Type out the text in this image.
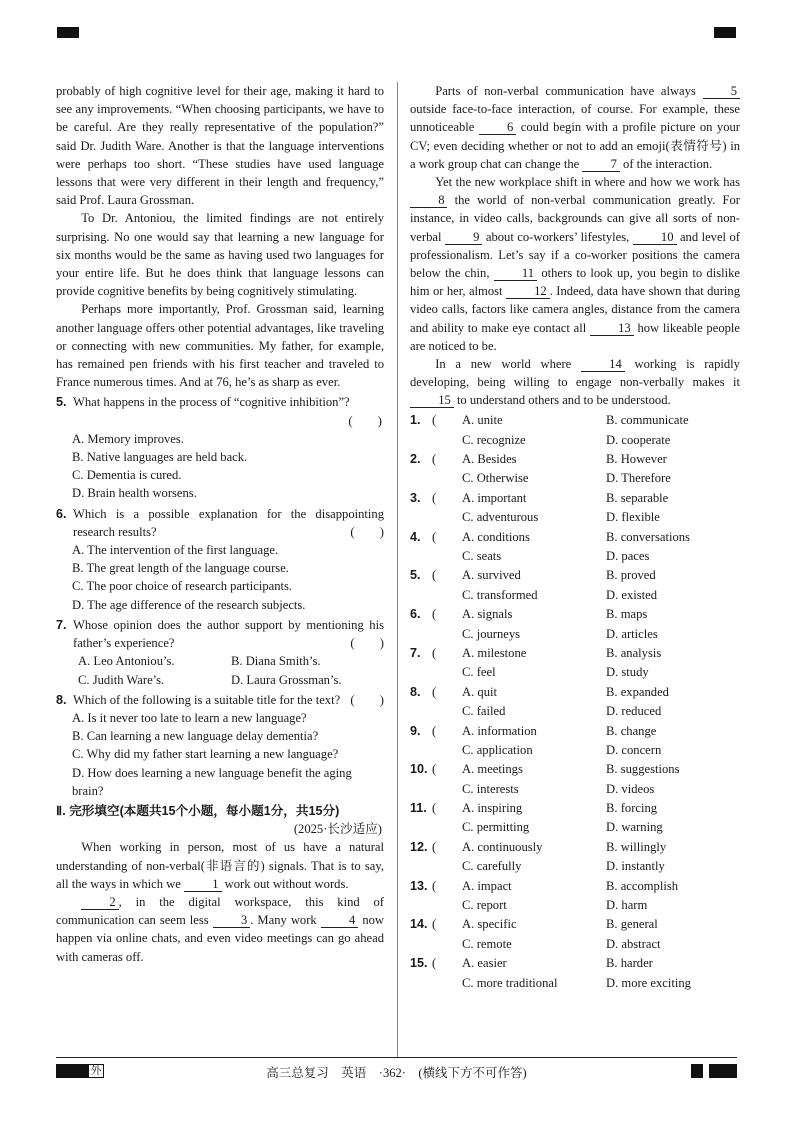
probably of high cognitive level for their age, making it hard to see any improvements. “When choosing participants, we have to be careful. Are they really representative of the population?” said Dr. Judith Ware. Another is that the language interventions were perhaps too short. “These studies have used language lessons that were very different in their length and frequency,” said Prof. Laura Grossman.

To Dr. Antoniou, the limited findings are not entirely surprising. No one would say that learning a new language for six months would be the same as having used two languages for your entire life. But he does think that language lessons can provide cognitive benefits by being cognitively stimulating.

Perhaps more importantly, Prof. Grossman said, learning another language offers other potential advantages, like traveling or connecting with new communities. My father, for example, has remained pen friends with his first teacher and traveled to France numerous times. And at 76, he’s as sharp as ever.

5. What happens in the process of “cognitive inhibition”?
(　　)
A. Memory improves.
B. Native languages are held back.
C. Dementia is cured.
D. Brain health worsens.
6. Which is a possible explanation for the disappointing research results?	(　　)
A. The intervention of the first language.
B. The great length of the language course.
C. The poor choice of research participants.
D. The age difference of the research subjects.
7. Whose opinion does the author support by mentioning his father’s experience?	(　　)
A. Leo Antoniou’s.	B. Diana Smith’s.
C. Judith Ware’s.	D. Laura Grossman’s.
8. Which of the following is a suitable title for the text? (　　)
A. Is it never too late to learn a new language?
B. Can learning a new language delay dementia?
C. Why did my father start learning a new language?
D. How does learning a new language benefit the aging brain?
Ⅱ. 完形填空(本题共15个小题，每小题1分，共15分)
(2025·长沙适应)

When working in person, most of us have a natural understanding of non-verbal(非语言的) signals. That is to say, all the ways in which we 1 work out without words.

2 , in the digital workspace, this kind of communication can seem less	3 . Many work	4 now happen via online chats, and even video meetings can go ahead with cameras off.

Parts of non-verbal communication have always	5 outside face-to-face interaction, of course. For example, these unnoticeable	6 could begin with a profile picture on your CV; even deciding whether or not to add an emoji(表情符号) in a work group chat can change the 7 of the interaction.

Yet the new workplace shift in where and how we work has 8 the world of non-verbal communication greatly. For instance, in video calls, backgrounds can give all sorts of non-verbal	9 about co-workers’ lifestyles,	10 and level of professionalism. Let’s say if a co-worker positions the camera below the chin,	11 others to look up, you begin to dislike him or her, almost	12 . Indeed, data have shown that during video calls, factors like camera angles, distance from the camera and ability to make eye contact all	13 how likeable people are noticed to be.

In a new world where	14 working is rapidly developing, being willing to engage non-verbally makes it 15 to understand others and to be understood.

1. (	A. unite	B. communicate
C. recognize	D. cooperate
2. (	A. Besides	B. However
C. Otherwise	D. Therefore
3. (	A. important	B. separable
C. adventurous	D. flexible
4. (	A. conditions	B. conversations
C. seats	D. paces
5. (	A. survived	B. proved
C. transformed	D. existed
6. (	A. signals	B. maps
C. journeys	D. articles
7. (	A. milestone	B. analysis
C. feel	D. study
8. (	A. quit	B. expanded
C. failed	D. reduced
9. (	A. information	B. change
C. application	D. concern
10. (	A. meetings	B. suggestions
C. interests	D. videos
11. (	A. inspiring	B. forcing
C. permitting	D. warning
12. (	A. continuously	B. willingly
C. carefully	D. instantly
13. (	A. impact	B. accomplish
C. report	D. harm
14. (	A. specific	B. general
C. remote	D. abstract
15. (	A. easier	B. harder
C. more traditional	D. more exciting
外	高三总复习　英语　·362·　(横线下方不可作答)
